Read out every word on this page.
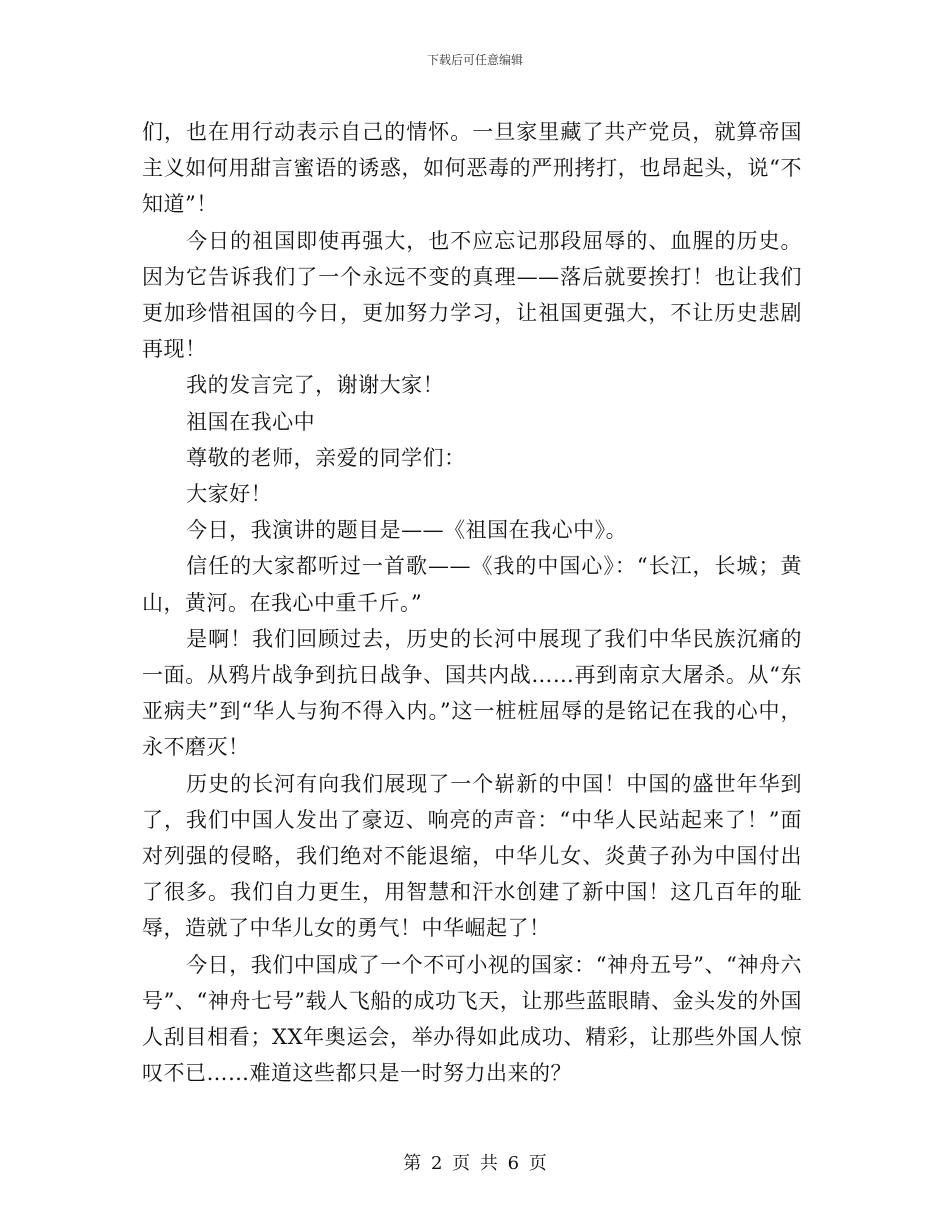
下载后可任意编辑

们，也在用行动表示自己的情怀。一旦家里藏了共产党员，就算帝国主义如何用甜言蜜语的诱惑，如何恶毒的严刑拷打，也昂起头，说“不知道”！

今日的祖国即使再强大，也不应忘记那段屈辱的、血腥的历史。因为它告诉我们了一个永远不变的真理——落后就要挨打！也让我们更加珍惜祖国的今日，更加努力学习，让祖国更强大，不让历史悲剧再现！

我的发言完了，谢谢大家！

祖国在我心中

尊敬的老师，亲爱的同学们：

大家好！

今日，我演讲的题目是——《祖国在我心中》。

信任的大家都听过一首歌——《我的中国心》：“长江，长城；黄山，黄河。在我心中重千斤。”

是啊！我们回顾过去，历史的长河中展现了我们中华民族沉痛的一面。从鸦片战争到抗日战争、国共内战……再到南京大屠杀。从“东亚病夫”到“华人与狗不得入内。”这一桩桩屈辱的是铭记在我的心中，永不磨灭！

历史的长河有向我们展现了一个崭新的中国！中国的盛世年华到了，我们中国人发出了豪迈、响亮的声音：“中华人民站起来了！”面对列强的侵略，我们绝对不能退缩，中华儿女、炎黄子孙为中国付出了很多。我们自力更生，用智慧和汗水创建了新中国！这几百年的耻辱，造就了中华儿女的勇气！中华崛起了！

今日，我们中国成了一个不可小视的国家：“神舟五号”、“神舟六号”、“神舟七号”载人飞船的成功飞天，让那些蓝眼睛、金头发的外国人刮目相看；XX年奥运会，举办得如此成功、精彩，让那些外国人惊叹不已……难道这些都只是一时努力出来的？

第 2 页 共 6 页
